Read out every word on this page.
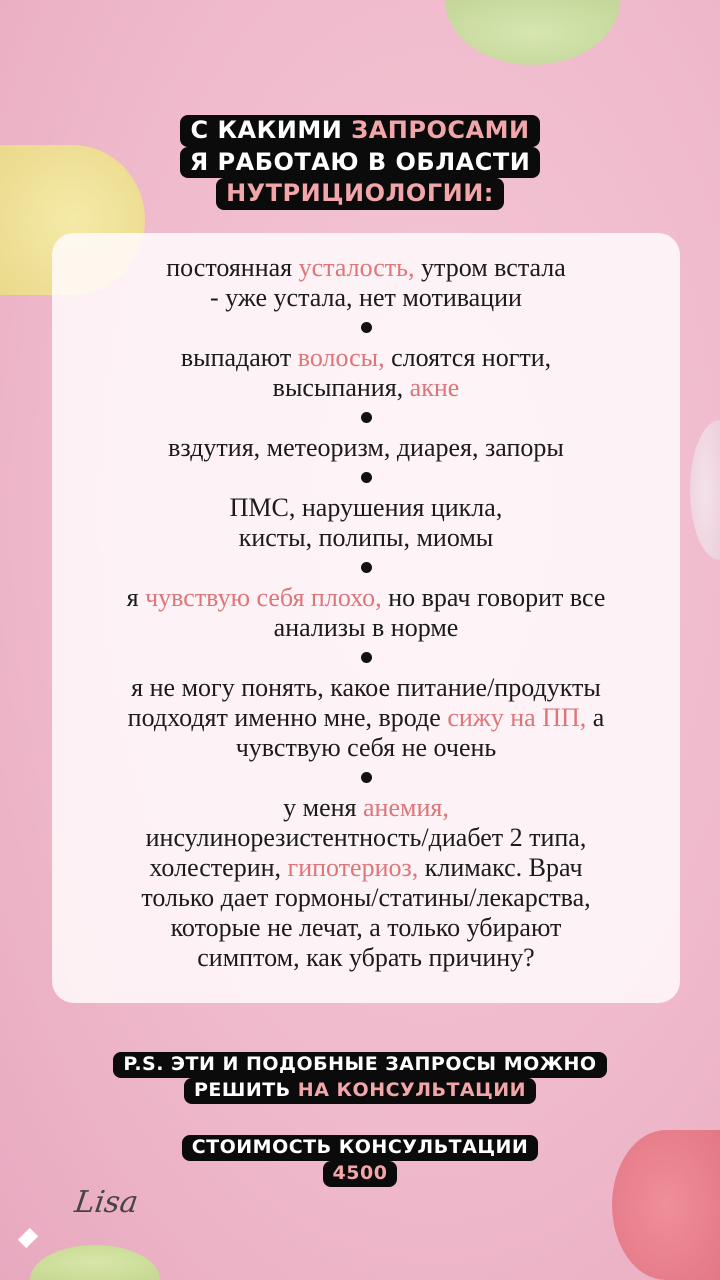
С КАКИМИ ЗАПРОСАМИ
Я РАБОТАЮ В ОБЛАСТИ
НУТРИЦИОЛОГИИ:
постоянная усталость, утром встала
- уже устала, нет мотивации
выпадают волосы, слоятся ногти,
высыпания, акне
вздутия, метеоризм, диарея, запоры
ПМС, нарушения цикла,
кисты, полипы, миомы
я чувствую себя плохо, но врач говорит все
анализы в норме
я не могу понять, какое питание/продукты
подходят именно мне, вроде сижу на ПП, а
чувствую себя не очень
у меня анемия,
инсулинорезистентность/диабет 2 типа,
холестерин, гипотериоз, климакс. Врач
только дает гормоны/статины/лекарства,
которые не лечат, а только убирают
симптом, как убрать причину?
P.S. ЭТИ И ПОДОБНЫЕ ЗАПРОСЫ МОЖНО
РЕШИТЬ НА КОНСУЛЬТАЦИИ
СТОИМОСТЬ КОНСУЛЬТАЦИИ
4500
Lisa
